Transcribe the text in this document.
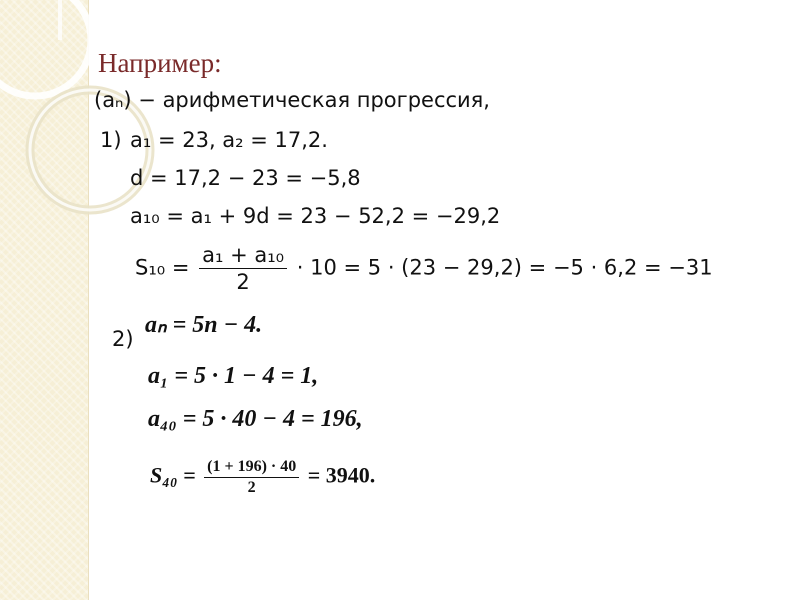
Например:
(aₙ) − арифметическая прогрессия,
1) a₁ = 23, a₂ = 17,2.
d = 17,2 − 23 = −5,8
a₁₀ = a₁ + 9d = 23 − 52,2 = −29,2
$S_{10} = \frac{\text{a₁ + a₁₀}}{2} \cdot 10 = 5 \cdot (23 - 29,2) = -5 \cdot 6,2 = -31$
2)
aₙ = 5n − 4.
a₁ = 5 · 1 − 4 = 1,
a₄₀ = 5 · 40 − 4 = 196,
$S_{40} = \frac{(1 + 196) \cdot 40}{2} = 3940$.
